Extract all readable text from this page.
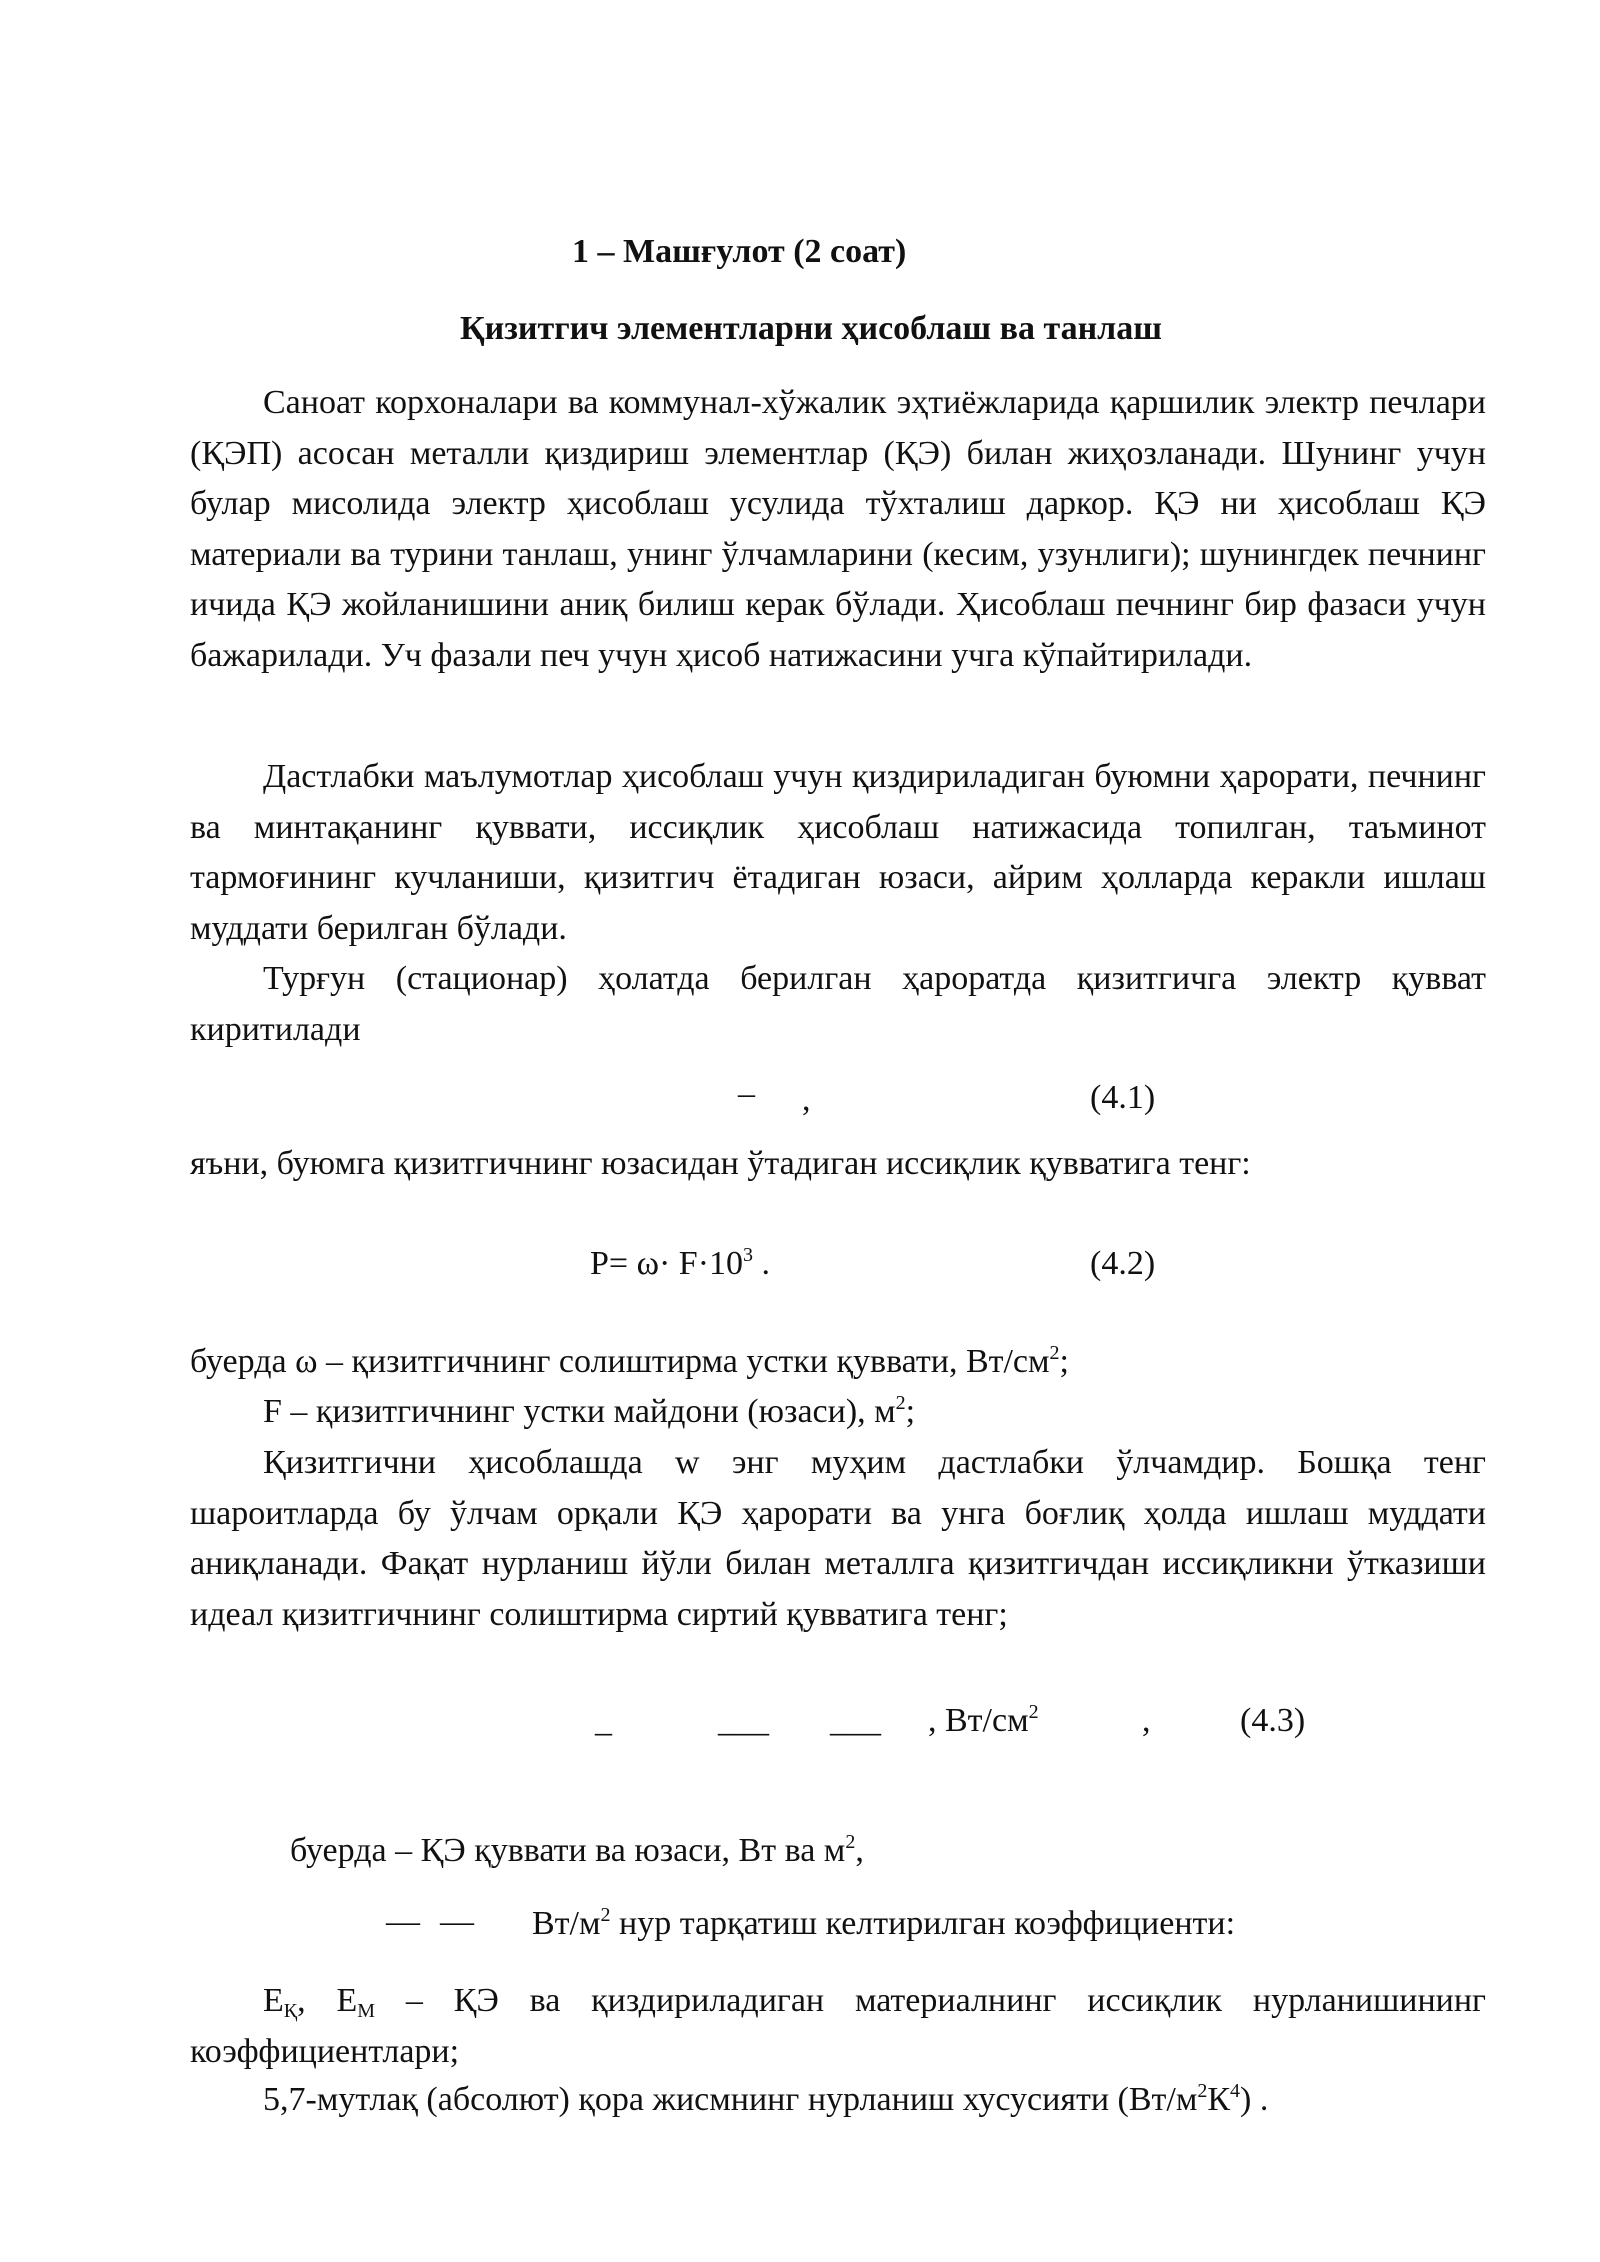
1 – Машғулот (2 соат)
Қизитгич элементларни ҳисоблаш ва танлаш

Саноат корхоналари ва коммунал-хўжалик эҳтиёжларида қаршилик электр печлари (ҚЭП) асосан металли қиздириш элементлар (ҚЭ) билан жиҳозланади. Шунинг учун булар мисолида электр ҳисоблаш усулида тўхталиш даркор. ҚЭ ни ҳисоблаш ҚЭ материали ва турини танлаш, унинг ўлчамларини (кесим, узунлиги); шунингдек печнинг ичида ҚЭ жойланишини аниқ билиш керак бўлади. Ҳисоблаш печнинг бир фазаси учун бажарилади. Уч фазали печ учун ҳисоб натижасини учга кўпайтирилади.

Дастлабки маълумотлар ҳисоблаш учун қиздириладиган буюмни ҳарорати, печнинг ва минтақанинг қуввати, иссиқлик ҳисоблаш натижасида топилган, таъминот тармоғининг кучланиши, қизитгич ётадиган юзаси, айрим ҳолларда керакли ишлаш муддати берилган бўлади.

Турғун (стационар) ҳолатда берилган ҳароратда қизитгичга электр қувват киритилади

– ,	(4.1)
яъни, буюмга қизитгичнинг юзасидан ўтадиган иссиқлик қувватига тенг:
$P= \omega\cdot F\cdot 10^3$ .	(4.2)
буерда ω – қизитгичнинг солиштирма устки қуввати, $Вт/см^2$;
F – қизитгичнинг устки майдони (юзаси), $м^2$;

Қизитгични ҳисоблашда w энг муҳим дастлабки ўлчамдир. Бошқа тенг шароитларда бу ўлчам орқали ҚЭ ҳарорати ва унга боғлиқ ҳолда ишлаш муддати аниқланади. Фақат нурланиш йўли билан металлга қизитгичдан иссиқликни ўтказиши идеал қизитгичнинг солиштирма сиртий қувватига тенг;

_	___ ___ , $Вт/см^2$	,	(4.3)
буерда – ҚЭ қуввати ва юзаси, Вт ва $м^2$,
— — $Вт/м^2$ нур тарқатиш келтирилган коэффициенти:

$E_Қ$, $E_М$ – ҚЭ ва қиздириладиган материалнинг иссиқлик нурланишининг коэффициентлари;

5,7-мутлақ (абсолют) қора жисмнинг нурланиш хусусияти $(Вт/м^2К^4)$ .
